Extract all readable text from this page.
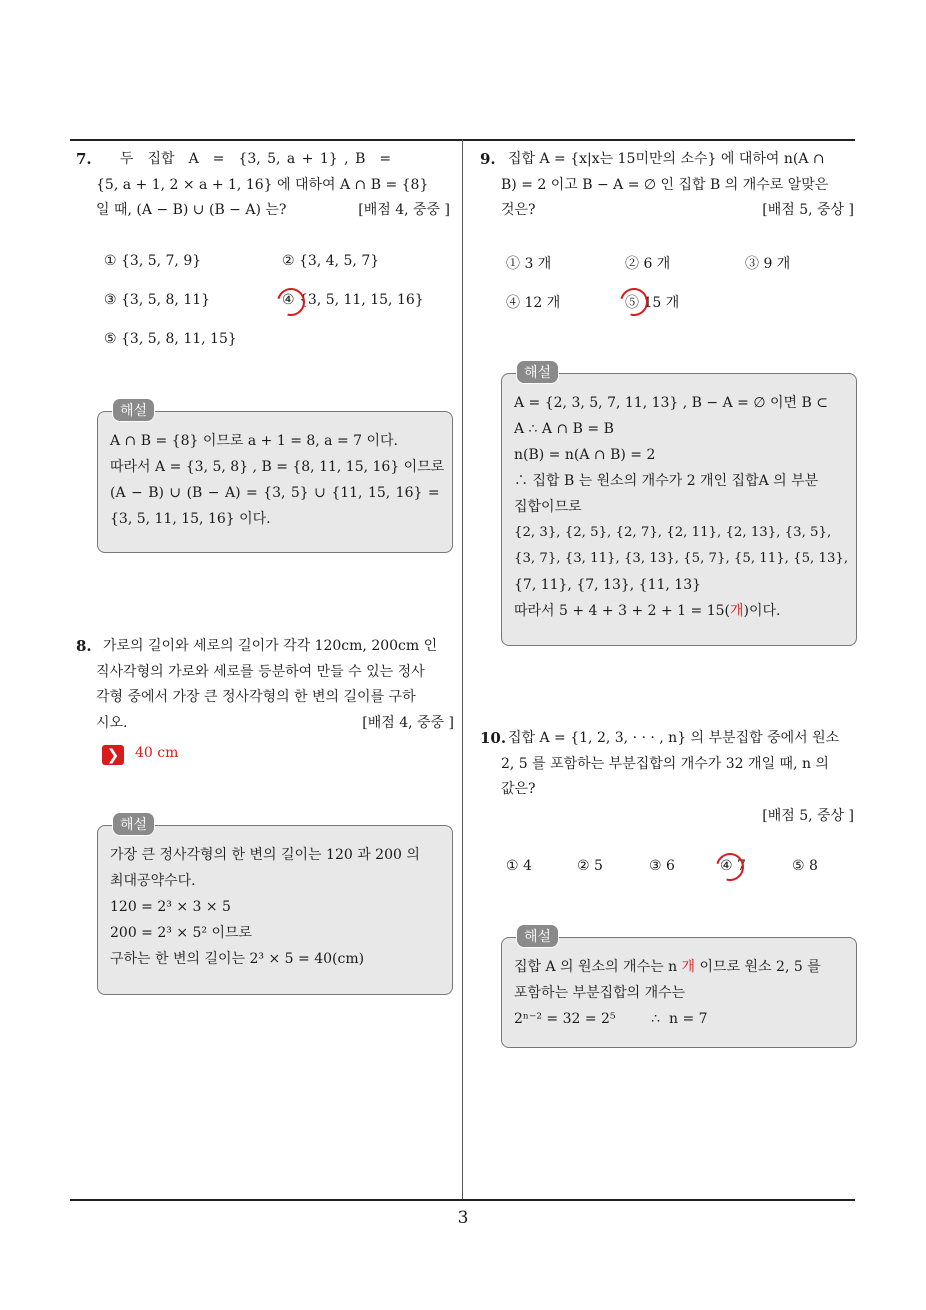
3
7.	두　집합　A　=　{3, 5, a + 1} , B　=
{5, a + 1, 2 × a + 1, 16} 에 대하여 A ∩ B = {8}
일 때, (A − B) ∪ (B − A) 는?	[배점 4, 중중 ]
① {3, 5, 7, 9}	② {3, 4, 5, 7}
③ {3, 5, 8, 11}	④ {3, 5, 11, 15, 16}
⑤ {3, 5, 8, 11, 15}
A ∩ B = {8} 이므로 a + 1 = 8, a = 7 이다.
따라서 A = {3, 5, 8} , B = {8, 11, 15, 16} 이므로
(A − B) ∪ (B − A) = {3, 5} ∪ {11, 15, 16} =
{3, 5, 11, 15, 16} 이다.
해설
8. 가로의 길이와 세로의 길이가 각각 120cm, 200cm 인
직사각형의 가로와 세로를 등분하여 만들 수 있는 정사
각형 중에서 가장 큰 정사각형의 한 변의 길이를 구하
시오.	[배점 4, 중중 ]
❯	40 cm
가장 큰 정사각형의 한 변의 길이는 120 과 200 의
최대공약수다.
120 = 2³ × 3 × 5
200 = 2³ × 5² 이므로
구하는 한 변의 길이는 2³ × 5 = 40(cm)
해설
9. 집합 A = {x|x는 15미만의 소수} 에 대하여 n(A ∩
B) = 2 이고 B − A = ∅ 인 집합 B 의 개수로 알맞은
것은?	[배점 5, 중상 ]
① 3 개	② 6 개	③ 9 개
④ 12 개	⑤ 15 개
A = {2, 3, 5, 7, 11, 13} , B − A = ∅ 이면 B ⊂
A ∴ A ∩ B = B
n(B) = n(A ∩ B) = 2
∴ 집합 B 는 원소의 개수가 2 개인 집합A 의 부분
집합이므로
{2, 3}, {2, 5}, {2, 7}, {2, 11}, {2, 13}, {3, 5},
{3, 7}, {3, 11}, {3, 13}, {5, 7}, {5, 11}, {5, 13},
{7, 11}, {7, 13}, {11, 13}
따라서 5 + 4 + 3 + 2 + 1 = 15(개)이다.
해설
10. 집합 A = {1, 2, 3, · · · , n} 의 부분집합 중에서 원소
2, 5 를 포함하는 부분집합의 개수가 32 개일 때, n 의
값은?
[배점 5, 중상 ]
① 4	② 5	③ 6	④ 7	⑤ 8
집합 A 의 원소의 개수는 n 개 이므로 원소 2, 5 를
포함하는 부분집합의 개수는
2ⁿ⁻² = 32 = 2⁵        ∴  n = 7
해설
